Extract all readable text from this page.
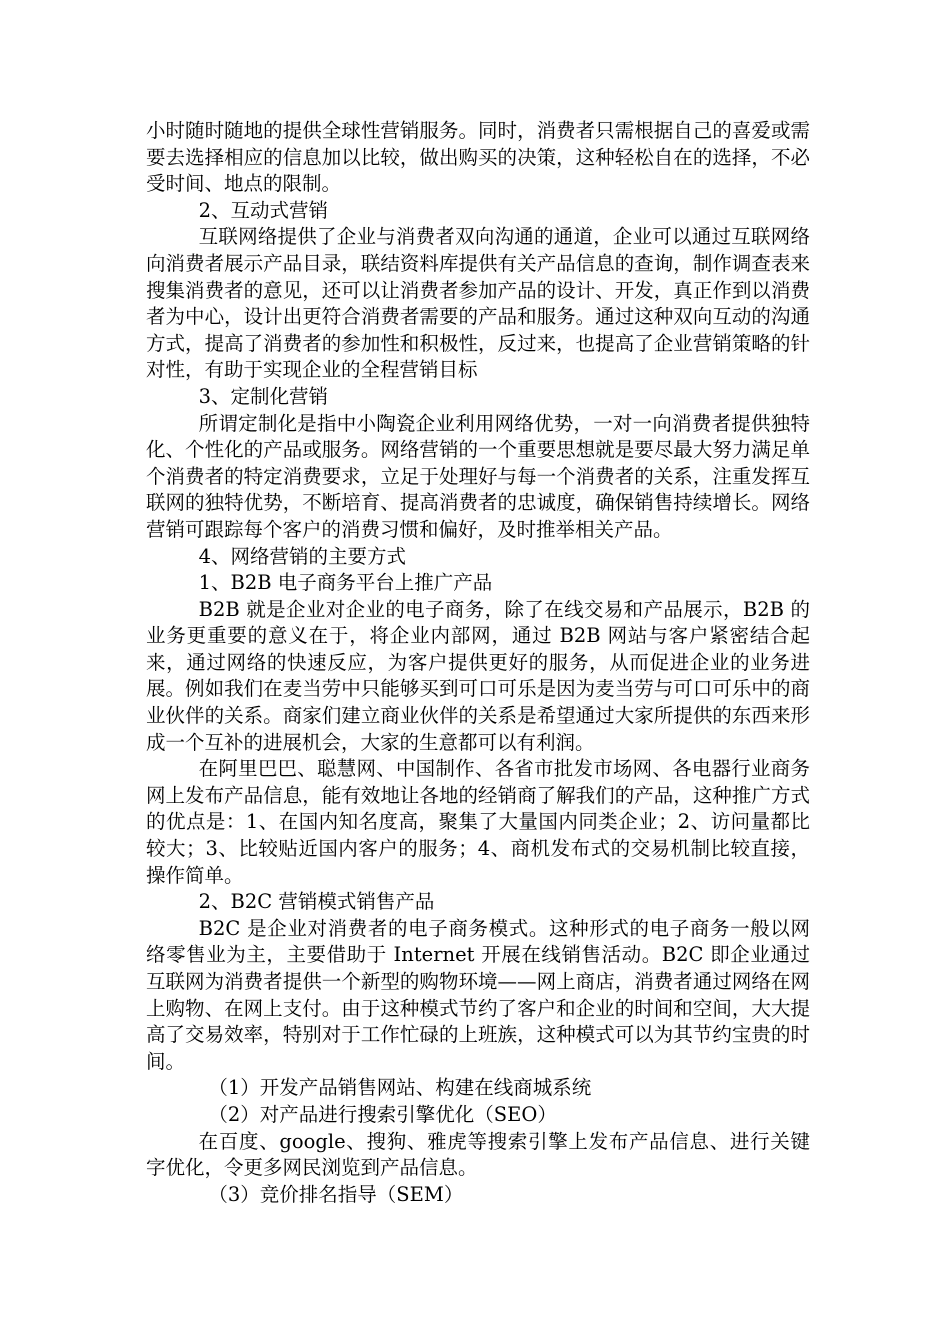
小时随时随地的提供全球性营销服务。同时，消费者只需根据自己的喜爱或需要去选择相应的信息加以比较，做出购买的决策，这种轻松自在的选择，不必受时间、地点的限制。

2、互动式营销

互联网络提供了企业与消费者双向沟通的通道，企业可以通过互联网络向消费者展示产品目录，联结资料库提供有关产品信息的查询，制作调查表来搜集消费者的意见，还可以让消费者参加产品的设计、开发，真正作到以消费者为中心，设计出更符合消费者需要的产品和服务。通过这种双向互动的沟通方式，提高了消费者的参加性和积极性，反过来，也提高了企业营销策略的针对性，有助于实现企业的全程营销目标

3、定制化营销

所谓定制化是指中小陶瓷企业利用网络优势，一对一向消费者提供独特化、个性化的产品或服务。网络营销的一个重要思想就是要尽最大努力满足单个消费者的特定消费要求，立足于处理好与每一个消费者的关系，注重发挥互联网的独特优势，不断培育、提高消费者的忠诚度，确保销售持续增长。网络营销可跟踪每个客户的消费习惯和偏好，及时推举相关产品。

4、网络营销的主要方式

1、B2B 电子商务平台上推广产品

B2B 就是企业对企业的电子商务，除了在线交易和产品展示，B2B 的业务更重要的意义在于，将企业内部网，通过 B2B 网站与客户紧密结合起来，通过网络的快速反应，为客户提供更好的服务，从而促进企业的业务进展。例如我们在麦当劳中只能够买到可口可乐是因为麦当劳与可口可乐中的商业伙伴的关系。商家们建立商业伙伴的关系是希望通过大家所提供的东西来形成一个互补的进展机会，大家的生意都可以有利润。

在阿里巴巴、聪慧网、中国制作、各省市批发市场网、各电器行业商务网上发布产品信息，能有效地让各地的经销商了解我们的产品，这种推广方式的优点是：1、在国内知名度高，聚集了大量国内同类企业；2、访问量都比较大；3、比较贴近国内客户的服务；4、商机发布式的交易机制比较直接，操作简单。

2、B2C 营销模式销售产品

B2C 是企业对消费者的电子商务模式。这种形式的电子商务一般以网络零售业为主，主要借助于 Internet 开展在线销售活动。B2C 即企业通过互联网为消费者提供一个新型的购物环境——网上商店，消费者通过网络在网上购物、在网上支付。由于这种模式节约了客户和企业的时间和空间，大大提高了交易效率，特别对于工作忙碌的上班族，这种模式可以为其节约宝贵的时间。

（1）开发产品销售网站、构建在线商城系统

（2）对产品进行搜索引擎优化（SEO）

在百度、google、搜狗、雅虎等搜索引擎上发布产品信息、进行关键字优化，令更多网民浏览到产品信息。

（3）竞价排名指导（SEM）
